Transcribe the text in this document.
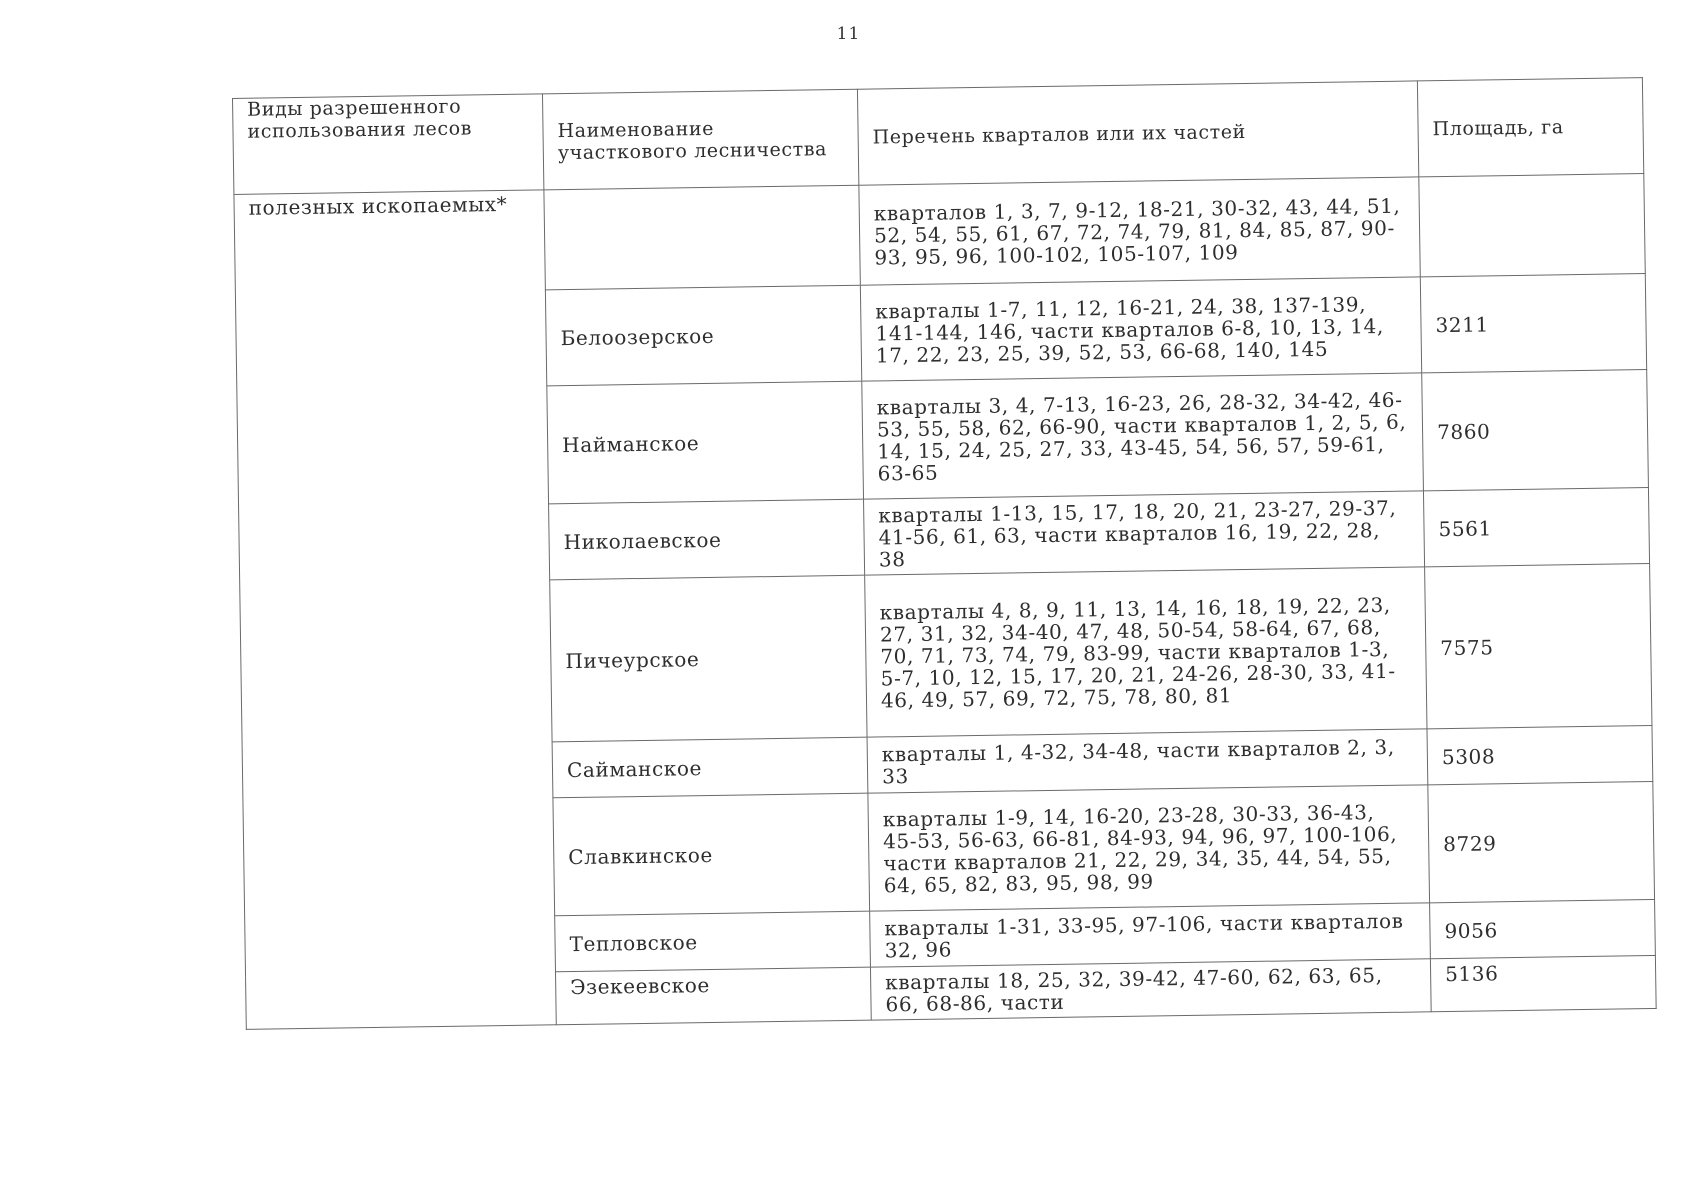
11
Виды разрешенного использования лесов	Наименование участкового лесничества	Перечень кварталов или их частей	Площадь, га
полезных ископаемых*		кварталов 1, 3, 7, 9-12, 18-21, 30-32, 43, 44, 51, 52, 54, 55, 61, 67, 72, 74, 79, 81, 84, 85, 87, 90-93, 95, 96, 100-102, 105-107, 109	
	Белоозерское	кварталы 1-7, 11, 12, 16-21, 24, 38, 137-139, 141-144, 146, части кварталов 6-8, 10, 13, 14, 17, 22, 23, 25, 39, 52, 53, 66-68, 140, 145	3211
	Найманское	кварталы 3, 4, 7-13, 16-23, 26, 28-32, 34-42, 46-53, 55, 58, 62, 66-90, части кварталов 1, 2, 5, 6, 14, 15, 24, 25, 27, 33, 43-45, 54, 56, 57, 59-61, 63-65	7860
	Николаевское	кварталы 1-13, 15, 17, 18, 20, 21, 23-27, 29-37, 41-56, 61, 63, части кварталов 16, 19, 22, 28, 38	5561
	Пичеурское	кварталы 4, 8, 9, 11, 13, 14, 16, 18, 19, 22, 23, 27, 31, 32, 34-40, 47, 48, 50-54, 58-64, 67, 68, 70, 71, 73, 74, 79, 83-99, части кварталов 1-3, 5-7, 10, 12, 15, 17, 20, 21, 24-26, 28-30, 33, 41-46, 49, 57, 69, 72, 75, 78, 80, 81	7575
	Сайманское	кварталы 1, 4-32, 34-48, части кварталов 2, 3, 33	5308
	Славкинское	кварталы 1-9, 14, 16-20, 23-28, 30-33, 36-43, 45-53, 56-63, 66-81, 84-93, 94, 96, 97, 100-106, части кварталов 21, 22, 29, 34, 35, 44, 54, 55, 64, 65, 82, 83, 95, 98, 99	8729
	Тепловское	кварталы 1-31, 33-95, 97-106, части кварталов 32, 96	9056
	Эзекеевское	кварталы 18, 25, 32, 39-42, 47-60, 62, 63, 65, 66, 68-86, части	5136
